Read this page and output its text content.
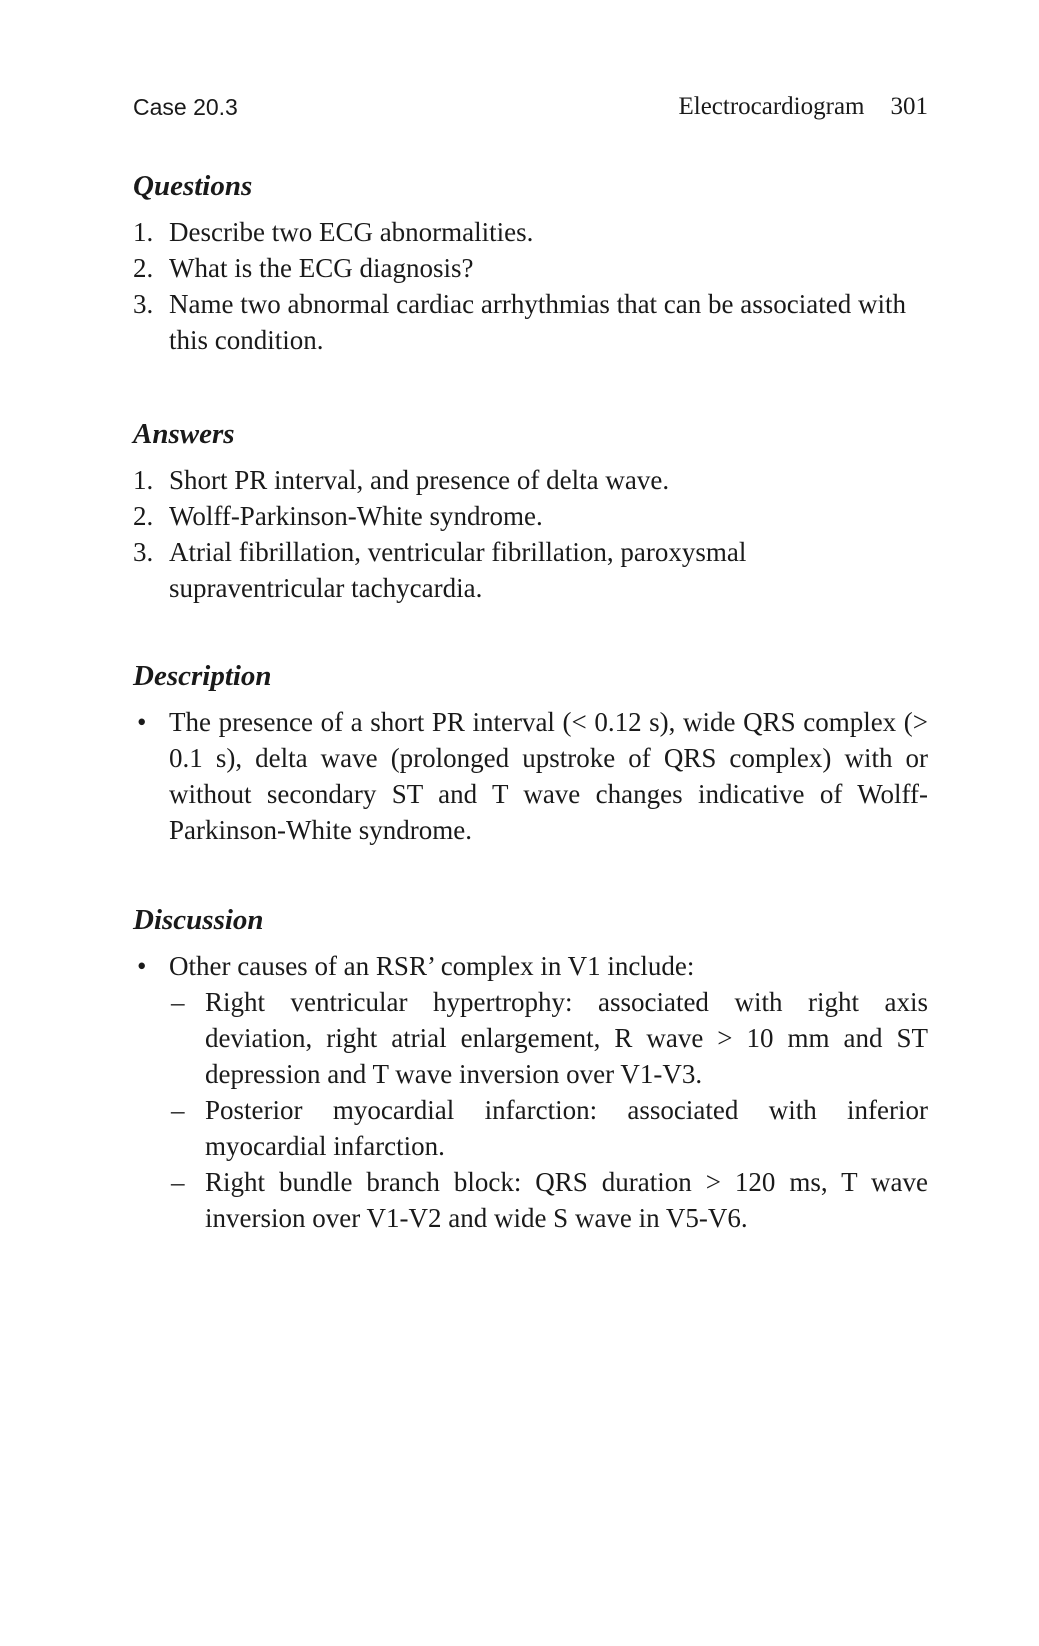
Case 20.3	Electrocardiogram 301
Questions
1. Describe two ECG abnormalities.
2. What is the ECG diagnosis?
3. Name two abnormal cardiac arrhythmias that can be associated with this condition.
Answers
1. Short PR interval, and presence of delta wave.
2. Wolff-Parkinson-White syndrome.
3. Atrial fibrillation, ventricular fibrillation, paroxysmal supraventricular tachycardia.
Description
• The presence of a short PR interval (< 0.12 s), wide QRS complex (> 0.1 s), delta wave (prolonged upstroke of QRS complex) with or without secondary ST and T wave changes indicative of Wolff-Parkinson-White syndrome.
Discussion
• Other causes of an RSR’ complex in V1 include:
– Right ventricular hypertrophy: associated with right axis deviation, right atrial enlargement, R wave > 10 mm and ST depression and T wave inversion over V1-V3.
– Posterior myocardial infarction: associated with inferior myocardial infarction.
– Right bundle branch block: QRS duration > 120 ms, T wave inversion over V1-V2 and wide S wave in V5-V6.
